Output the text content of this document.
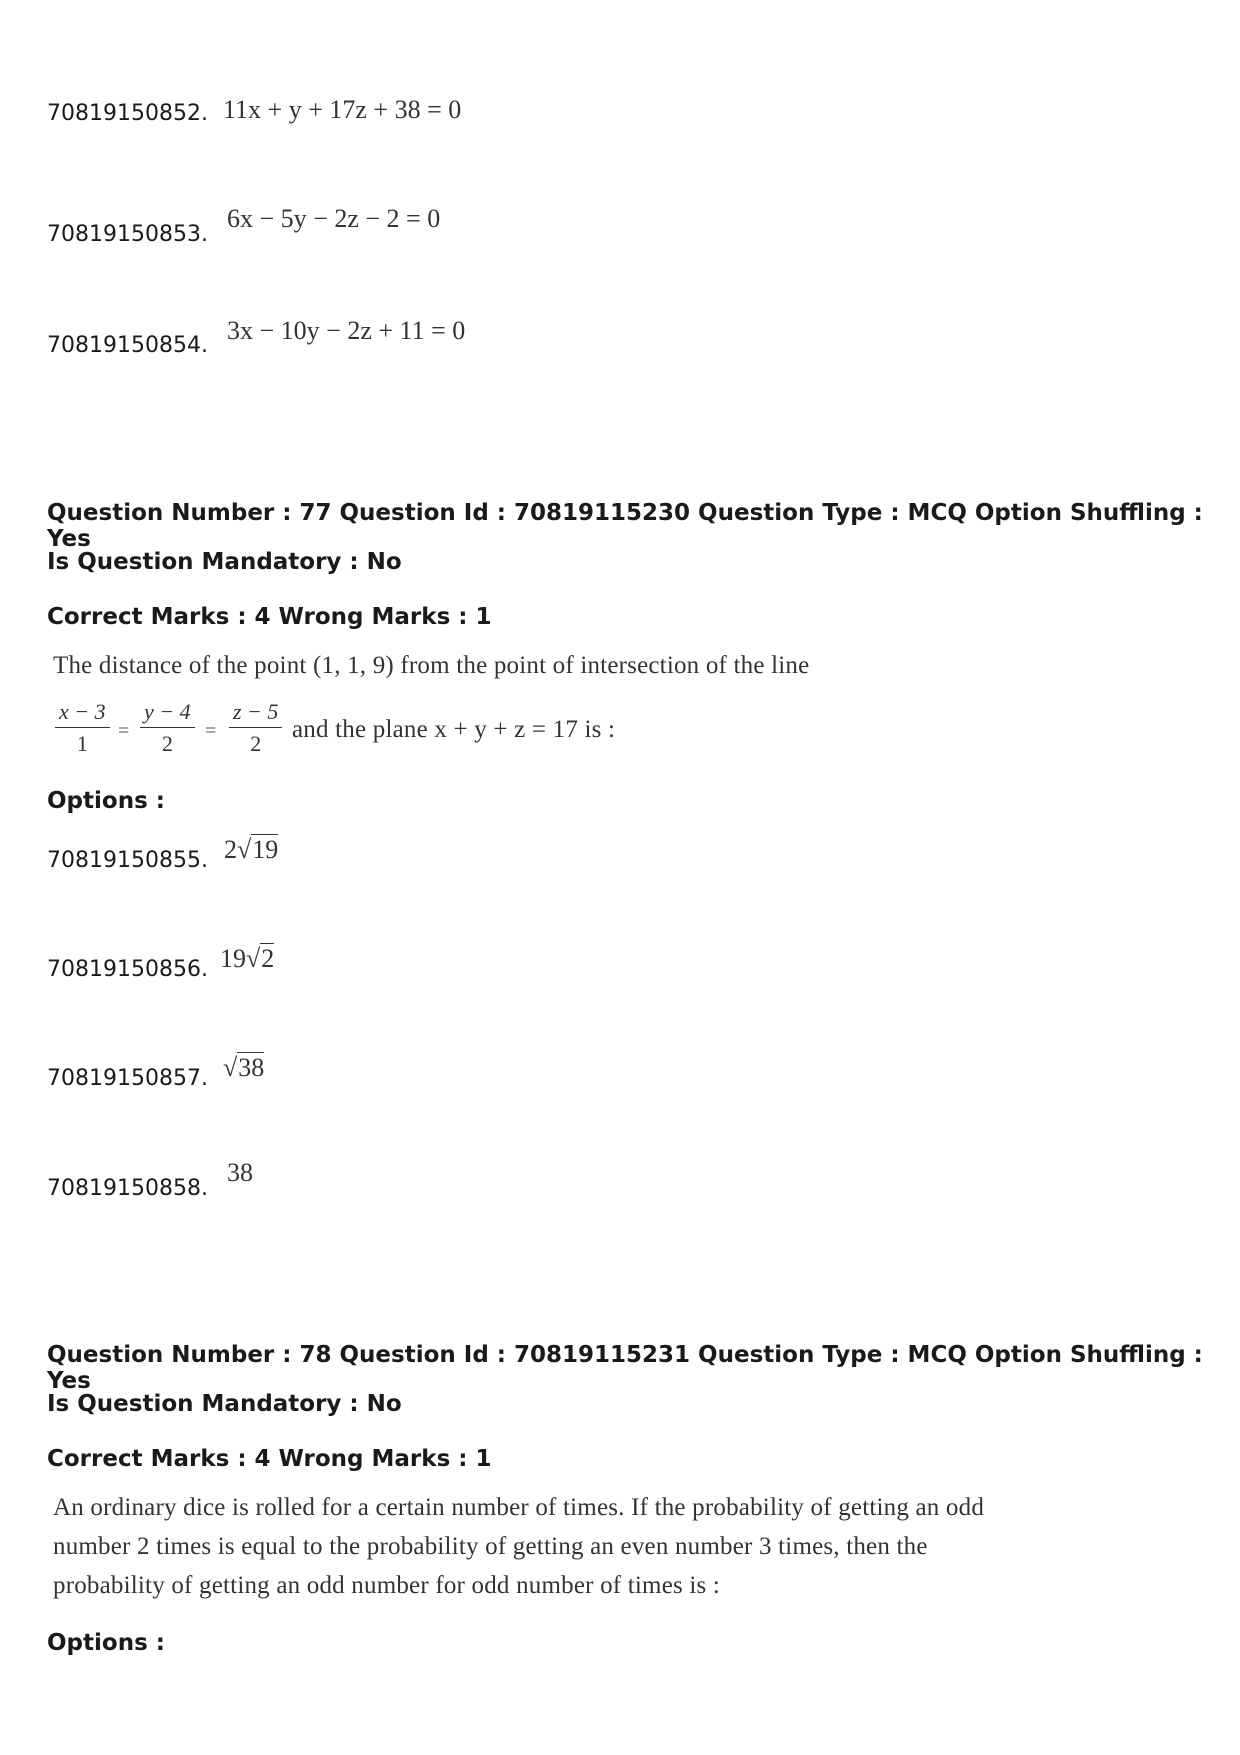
70819150852. 11x + y + 17z + 38 = 0
70819150853.
6x − 5y − 2z − 2 = 0
70819150854.
3x − 10y − 2z + 11 = 0
Question Number : 77 Question Id : 70819115230 Question Type : MCQ Option Shuffling : Yes
Is Question Mandatory : No
Correct Marks : 4 Wrong Marks : 1
The distance of the point (1, 1, 9) from the point of intersection of the line
$\frac{x - 3}{1} = \frac{y - 4}{2} = \frac{z - 5}{2}$ and the plane x + y + z = 17 is :
Options :
70819150855. 2√19
70819150856. 19√2
70819150857. √38
70819150858.
38
Question Number : 78 Question Id : 70819115231 Question Type : MCQ Option Shuffling : Yes
Is Question Mandatory : No
Correct Marks : 4 Wrong Marks : 1
An ordinary dice is rolled for a certain number of times. If the probability of getting an odd
number 2 times is equal to the probability of getting an even number 3 times, then the
probability of getting an odd number for odd number of times is :
Options :
